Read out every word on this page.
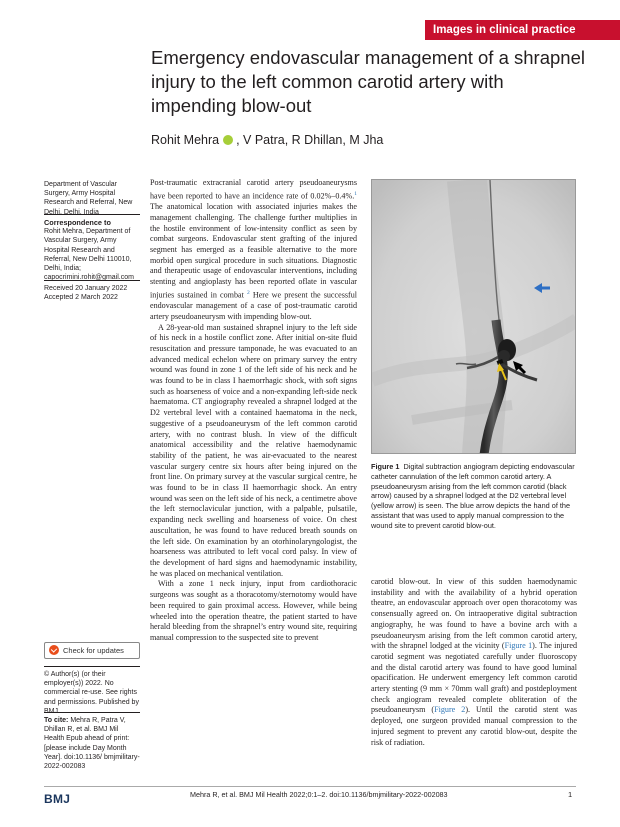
Images in clinical practice
Emergency endovascular management of a shrapnel injury to the left common carotid artery with impending blow-out
Rohit Mehra , V Patra, R Dhillan, M Jha
Department of Vascular Surgery, Army Hospital Research and Referral, New Delhi, Delhi, India
Correspondence to
Rohit Mehra, Department of Vascular Surgery, Army Hospital Research and Referral, New Delhi 110010, Delhi, India; capocrimini.rohit@gmail.com
Received 20 January 2022
Accepted 2 March 2022
Check for updates
© Author(s) (or their employer(s)) 2022. No commercial re-use. See rights and permissions. Published by BMJ.
To cite: Mehra R, Patra V, Dhillan R, et al. BMJ Mil Health Epub ahead of print: [please include Day Month Year]. doi:10.1136/ bmjmilitary-2022-002083

Post-traumatic extracranial carotid artery pseudoaneurysms have been reported to have an incidence rate of 0.02%–0.4%.$^1$ The anatomical location with associated injuries makes the management challenging. The challenge further multiplies in the hostile environment of low-intensity conflict as seen by combat surgeons. Endovascular stent grafting of the injured segment has emerged as a feasible alternative to the more morbid open surgical procedure in such situations. Diagnostic and therapeutic usage of endovascular interventions, including stenting and angioplasty has been reported oflate in vascular injuries sustained in combat $^2$ Here we present the successful endovascular management of a case of post-traumatic carotid artery pseudoaneurysm with impending blow-out.

A 28-year-old man sustained shrapnel injury to the left side of his neck in a hostile conflict zone. After initial on-site fluid resuscitation and pressure tamponade, he was evacuated to an advanced medical echelon where on primary survey the entry wound was found in zone 1 of the left side of his neck and he was found to be in class I haemorrhagic shock, with soft signs such as hoarseness of voice and a non-expanding left-side neck haematoma. CT angiography revealed a shrapnel lodged at the D2 vertebral level with a contained haematoma in the neck, suggestive of a pseudoaneurysm of the left common carotid artery, with no contrast blush. In view of the difficult anatomical accessibility and the relative haemodynamic stability of the patient, he was air-evacuated to the nearest vascular surgery centre six hours after being injured on the front line. On primary survey at the vascular surgical centre, he was found to be in class II haemorrhagic shock. An entry wound was seen on the left side of his neck, a centimetre above the left sternoclavicular junction, with a palpable, pulsatile, expanding neck swelling and hoarseness of voice. On chest auscultation, he was found to have reduced breath sounds on the left side. On examination by an otorhinolaryngologist, the hoarseness was attributed to left vocal cord palsy. In view of the development of hard signs and haemodynamic instability, he was placed on mechanical ventilation.

With a zone 1 neck injury, input from cardiothoracic surgeons was sought as a thoracotomy/sternotomy would have been required to gain proximal access. However, while being wheeled into the operation theatre, the patient started to have herald bleeding from the shrapnel’s entry wound site, requiring manual compression to the suspected site to prevent

Figure 1 Digital subtraction angiogram depicting endovascular catheter cannulation of the left common carotid artery. A pseudoaneurysm arising from the left common carotid (black arrow) caused by a shrapnel lodged at the D2 vertebral level (yellow arrow) is seen. The blue arrow depicts the hand of the assistant that was used to apply manual compression to the wound site to prevent carotid blow-out.

carotid blow-out. In view of this sudden haemodynamic instability and with the availability of a hybrid operation theatre, an endovascular approach over open thoracotomy was consensually agreed on. On intraoperative digital subtraction angiography, he was found to have a bovine arch with a pseudoaneurysm arising from the left common carotid artery, with the shrapnel lodged at the vicinity (Figure 1). The injured carotid segment was negotiated carefully under fluoroscopy and the distal carotid artery was found to have good luminal opacification. He underwent emergency left common carotid artery stenting (9 mm × 70mm wall graft) and postdeployment check angiogram revealed complete obliteration of the pseudoaneurysm (Figure 2). Until the carotid stent was deployed, one surgeon provided manual compression to the injured segment to prevent any carotid blow-out, despite the risk of radiation.

BMJ	Mehra R, et al. BMJ Mil Health 2022;0:1–2. doi:10.1136/bmjmilitary-2022-002083	1
